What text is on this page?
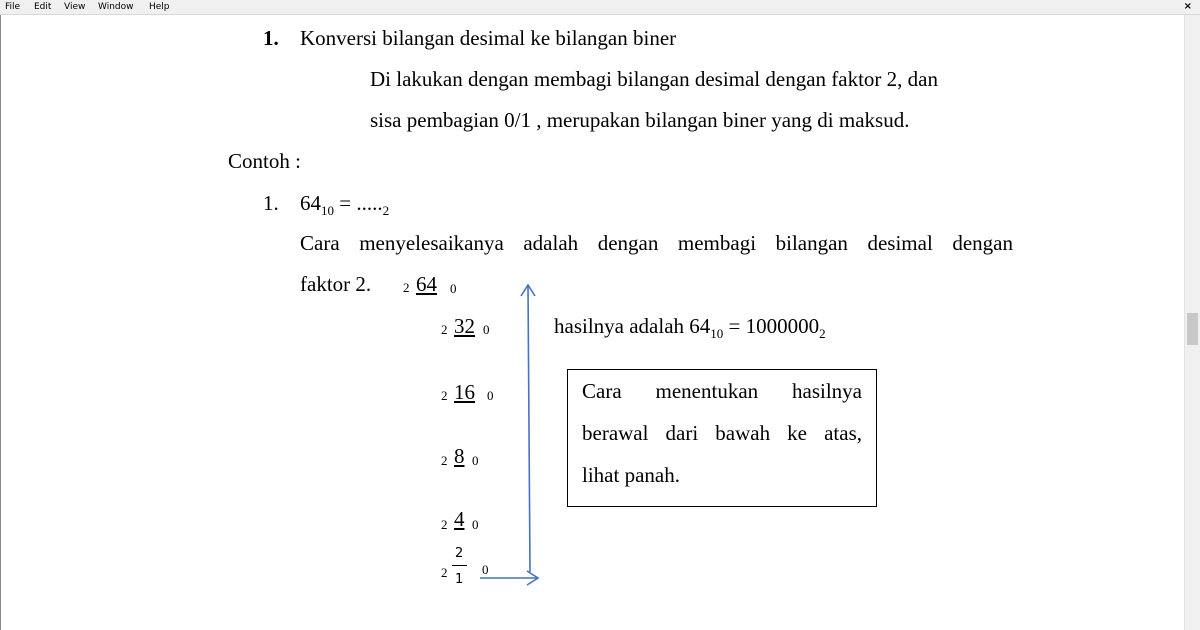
File Edit View Window Help	×
1. Konversi bilangan desimal ke bilangan biner
Di lakukan dengan membagi bilangan desimal dengan faktor 2, dan
sisa pembagian 0/1 , merupakan bilangan biner yang di maksud.
Contoh :
1. $64_{10} = ....._2$
Cara menyelesaikanya adalah dengan membagi bilangan desimal dengan
faktor 2. 2 64 0
2 32 0
2 16 0
2 8 0
2 4 0
2
2
1
0
hasilnya adalah $64_{10} = 1000000_2$
Cara menentukan hasilnya
berawal dari bawah ke atas,
lihat panah.
